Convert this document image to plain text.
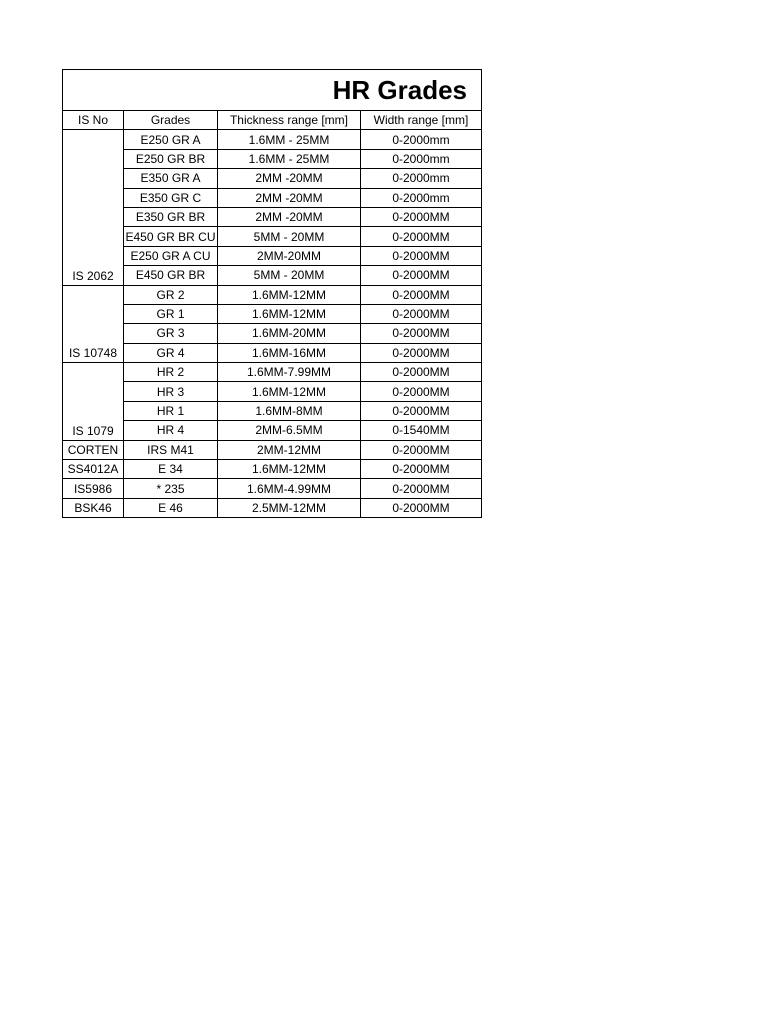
HR Grades			
IS No	Grades	Thickness range [mm]	Width range [mm]
IS 2062	E250 GR A	1.6MM - 25MM	0-2000mm
	E250 GR BR	1.6MM - 25MM	0-2000mm
	E350 GR A	2MM -20MM	0-2000mm
	E350 GR C	2MM -20MM	0-2000mm
	E350 GR BR	2MM -20MM	0-2000MM
	E450 GR BR CU	5MM - 20MM	0-2000MM
	E250 GR A CU	2MM-20MM	0-2000MM
	E450 GR BR	5MM - 20MM	0-2000MM
IS 10748	GR 2	1.6MM-12MM	0-2000MM
	GR 1	1.6MM-12MM	0-2000MM
	GR 3	1.6MM-20MM	0-2000MM
	GR 4	1.6MM-16MM	0-2000MM
IS 1079	HR 2	1.6MM-7.99MM	0-2000MM
	HR 3	1.6MM-12MM	0-2000MM
	HR 1	1.6MM-8MM	0-2000MM
	HR 4	2MM-6.5MM	0-1540MM
CORTEN	IRS M41	2MM-12MM	0-2000MM
SS4012A	E 34	1.6MM-12MM	0-2000MM
IS5986	* 235	1.6MM-4.99MM	0-2000MM
BSK46	E 46	2.5MM-12MM	0-2000MM
